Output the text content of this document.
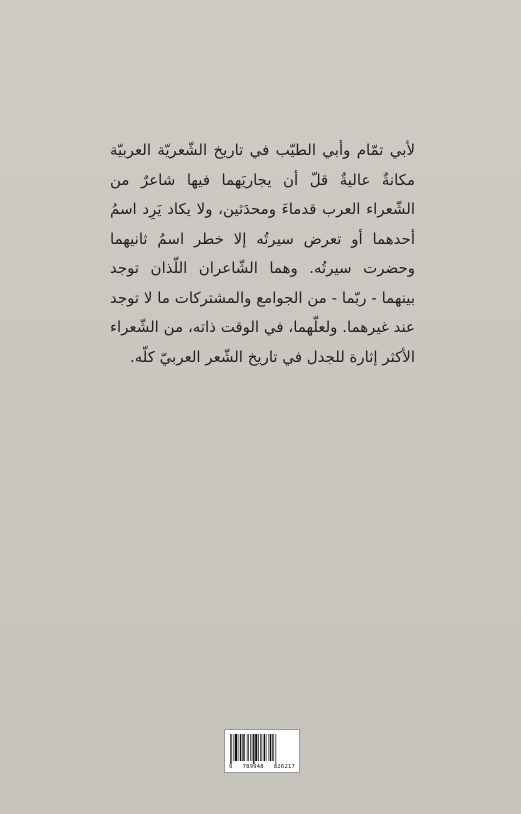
لأبي تمّام وأبي الطيّب في تاريخ الشّعريّة العربيّة
مكانةٌ عاليةٌ قلّ أن يجاريَهما فيها شاعرٌ من
الشّعراء العرب قدماءَ ومحدَثين، ولا يكاد يَرِد اسمُ
أحدهما أو تعرض سيرتُه إلا خطر اسمُ ثانيهما
وحضرت سيرتُه. وهما الشّاعران اللّذان توجد
بينهما - ربّما - من الجوامع والمشتركات ما لا توجد
عند غيرهما. ولعلّهما، في الوقت ذاته، من الشّعراء
الأكثر إثارة للجدل في تاريخ الشّعر العربيّ كلّه.
9 789948 826217
